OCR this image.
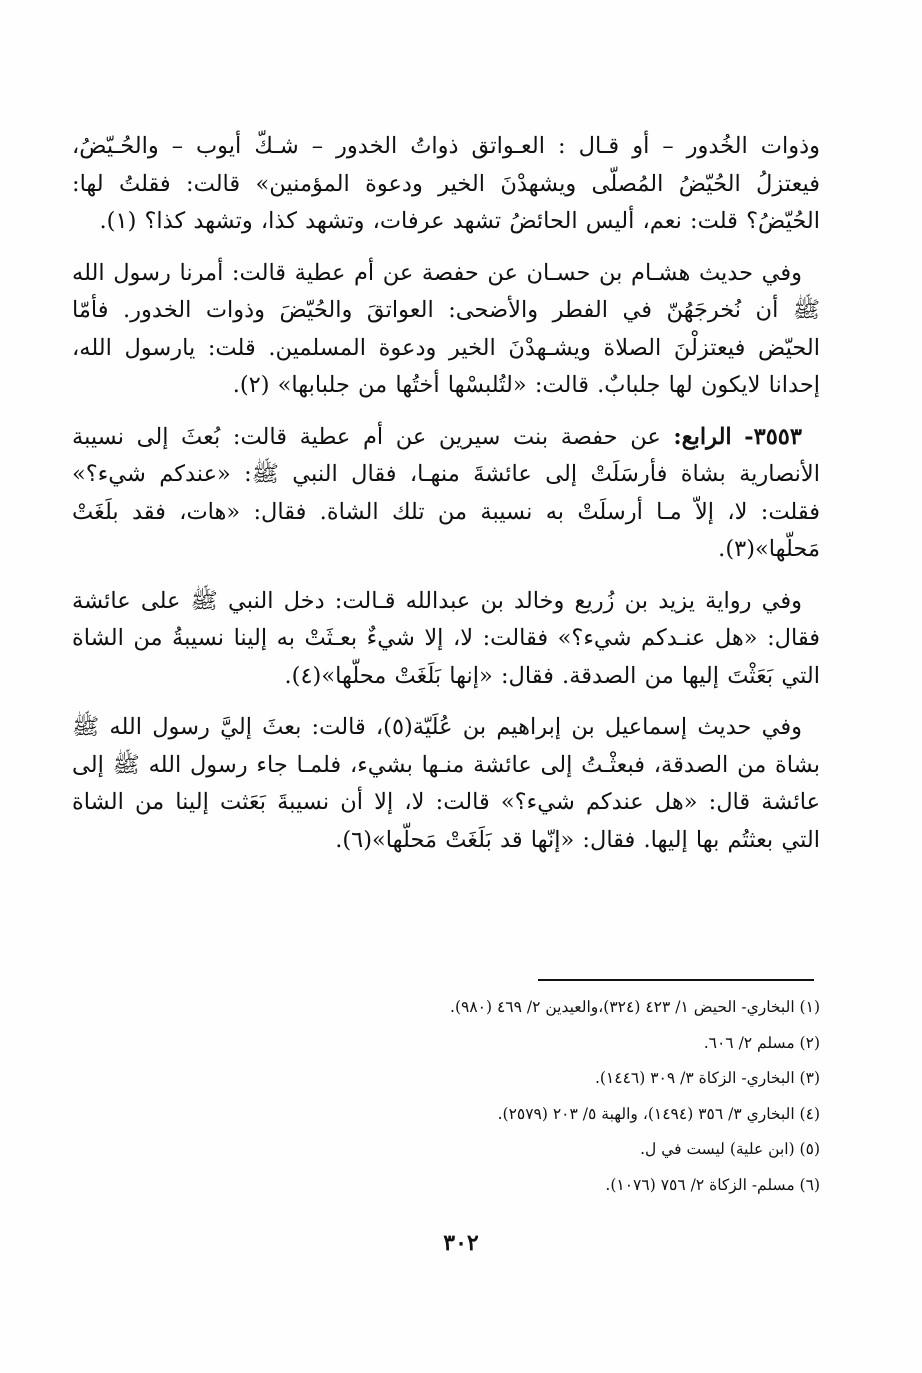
وذوات الخُدور – أو قـال : العـواتق ذواتُ الخدور – شـكّ أيوب – والحُـيّضُ، فيعتزلُ الحُيّضُ المُصلّى ويشهدْنَ الخير ودعوة المؤمنين» قالت: فقلتُ لها: الحُيّضُ؟ قلت: نعم، أليس الحائضُ تشهد عرفات، وتشهد كذا، وتشهد كذا؟ (١).

وفي حديث هشـام بن حسـان عن حفصة عن أم عطية قالت: أمرنا رسول الله ﷺ أن نُخرجَهُنّ في الفطر والأضحى: العواتقَ والحُيّضَ وذوات الخدور. فأمّا الحيّض فيعتزلْنَ الصلاة ويشـهدْنَ الخير ودعوة المسلمين. قلت: يارسول الله، إحدانا لايكون لها جلبابٌ. قالت: «لتُلبسْها أختُها من جلبابها» (٢).

٣٥٥٣- الرابع: عن حفصة بنت سيرين عن أم عطية قالت: بُعثَ إلى نسيبة الأنصارية بشاة فأرسَلَتْ إلى عائشةَ منهـا، فقال النبي ﷺ: «عندكم شيء؟» فقلت: لا، إلاّ مـا أرسلَتْ به نسيبة من تلك الشاة. فقال: «هات، فقد بلَغَتْ مَحلّها»(٣).

وفي رواية يزيد بن زُريع وخالد بن عبدالله قـالت: دخل النبي ﷺ على عائشة فقال: «هل عنـدكم شيء؟» فقالت: لا، إلا شيءٌ بعـثَتْ به إلينا نسيبةُ من الشاة التي بَعَثْتَ إليها من الصدقة. فقال: «إنها بَلَغَتْ محلّها»(٤).

وفي حديث إسماعيل بن إبراهيم بن عُلَيّة(٥)، قالت: بعثَ إليَّ رسول الله ﷺ بشاة من الصدقة، فبعثْـتُ إلى عائشة منـها بشيء، فلمـا جاء رسول الله ﷺ إلى عائشة قال: «هل عندكم شيء؟» قالت: لا، إلا أن نسيبةَ بَعَثت إلينا من الشاة التي بعثتُم بها إليها. فقال: «إنّها قد بَلَغَتْ مَحلّها»(٦).

(١) البخاري- الحيض ١/ ٤٢٣ (٣٢٤)،والعيدين ٢/ ٤٦٩ (٩٨٠).

(٢) مسلم ٢/ ٦٠٦.

(٣) البخاري- الزكاة ٣/ ٣٠٩ (١٤٤٦).

(٤) البخاري ٣/ ٣٥٦ (١٤٩٤)، والهبة ٥/ ٢٠٣ (٢٥٧٩).

(٥) (ابن علية) ليست في ل.

(٦) مسلم- الزكاة ٢/ ٧٥٦ (١٠٧٦).

٣٠٢
